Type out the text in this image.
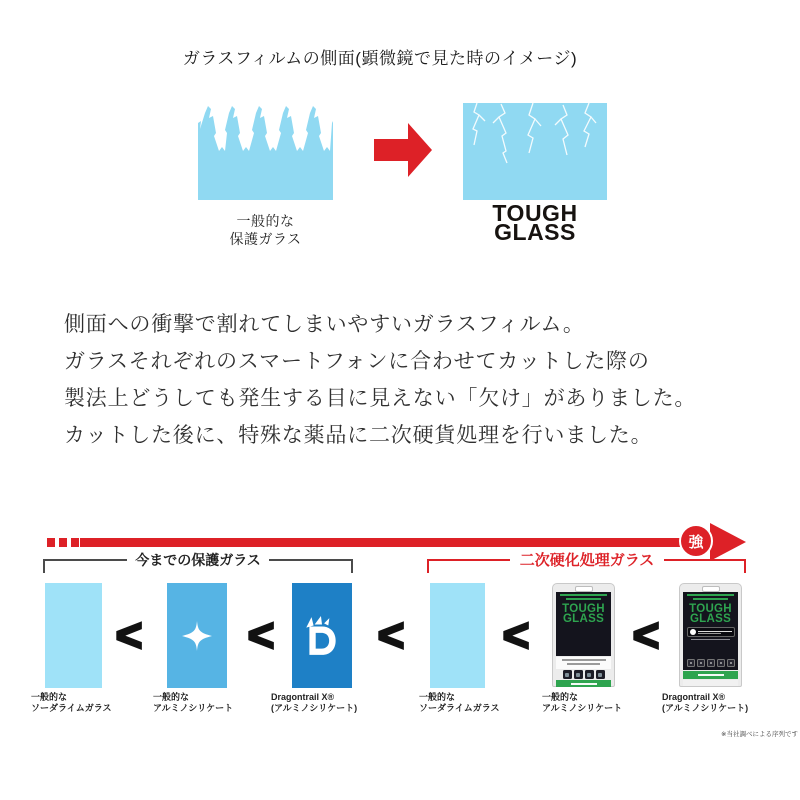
ガラスフィルムの側面(顕微鏡で見た時のイメージ)
一般的な
保護ガラス
TOUGH
GLASS
側面への衝撃で割れてしまいやすいガラスフィルム。
ガラスそれぞれのスマートフォンに合わせてカットした際の
製法上どうしても発生する目に見えない「欠け」がありました。
カットした後に、特殊な薬品に二次硬貨処理を行いました。
強
今までの保護ガラス	二次硬化処理ガラス
< < < <	TOUGH
GLASS <	TOUGH
GLASS
一般的な
ソーダライムガラス
一般的な
アルミノシリケート
Dragontrail X®
(アルミノシリケート)
一般的な
ソーダライムガラス
一般的な
アルミノシリケート
Dragontrail X®
(アルミノシリケート)
※当社調べによる序列です
